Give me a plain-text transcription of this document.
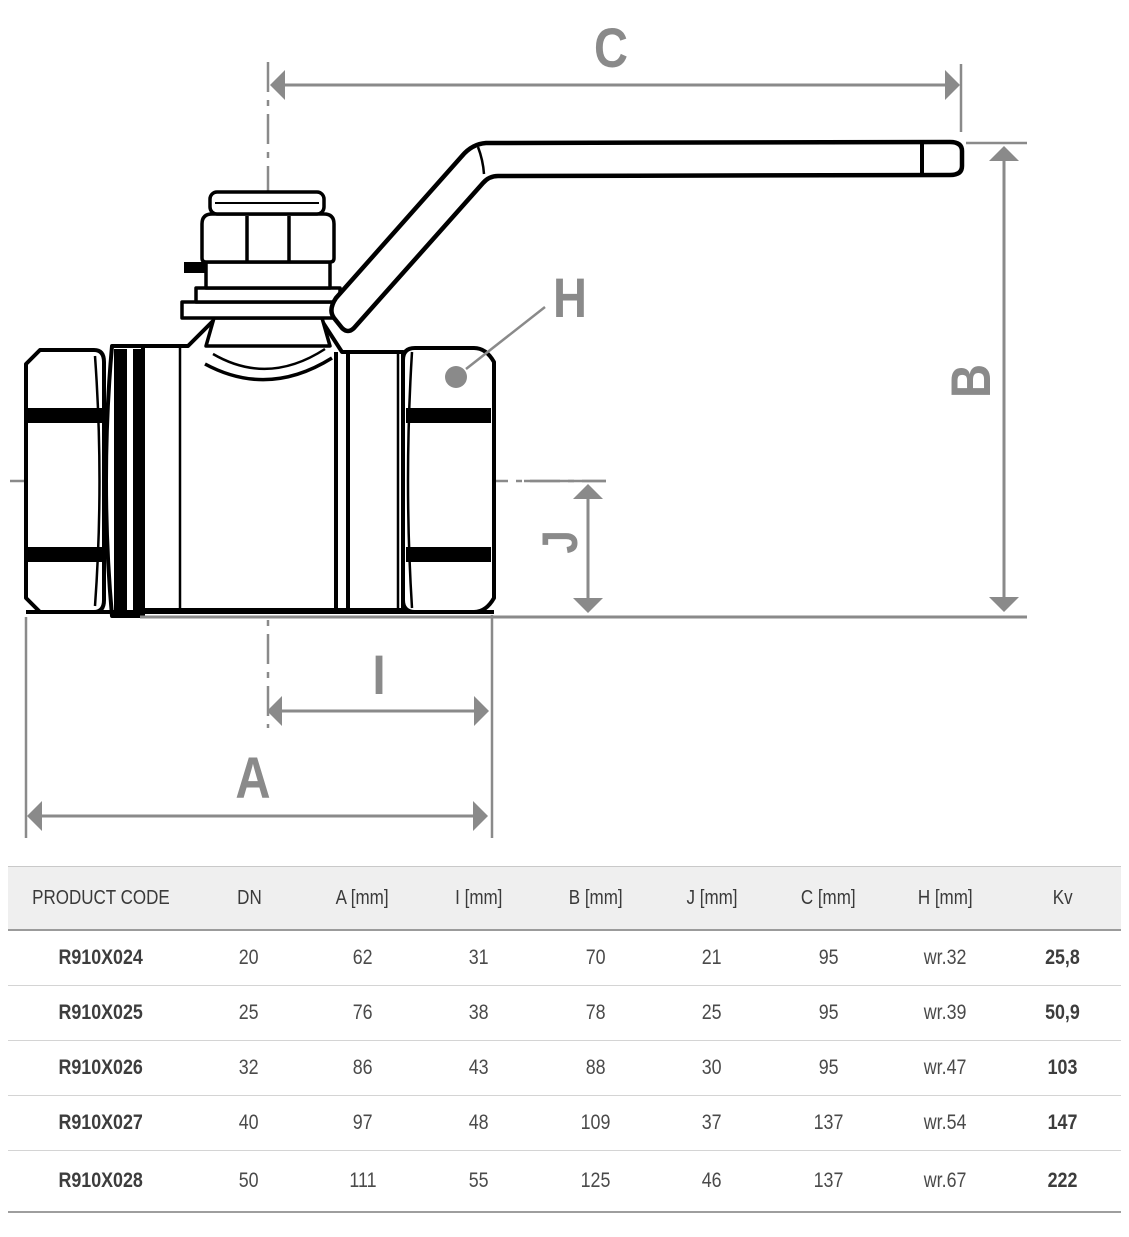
C
B
H
J
I
A
PRODUCT CODE	DN	A [mm]	I [mm]	B [mm]	J [mm]	C [mm]	H [mm]	Kv
R910X024	20	62	31	70	21	95	wr.32	25,8
R910X025	25	76	38	78	25	95	wr.39	50,9
R910X026	32	86	43	88	30	95	wr.47	103
R910X027	40	97	48	109	37	137	wr.54	147
R910X028	50	111	55	125	46	137	wr.67	222
